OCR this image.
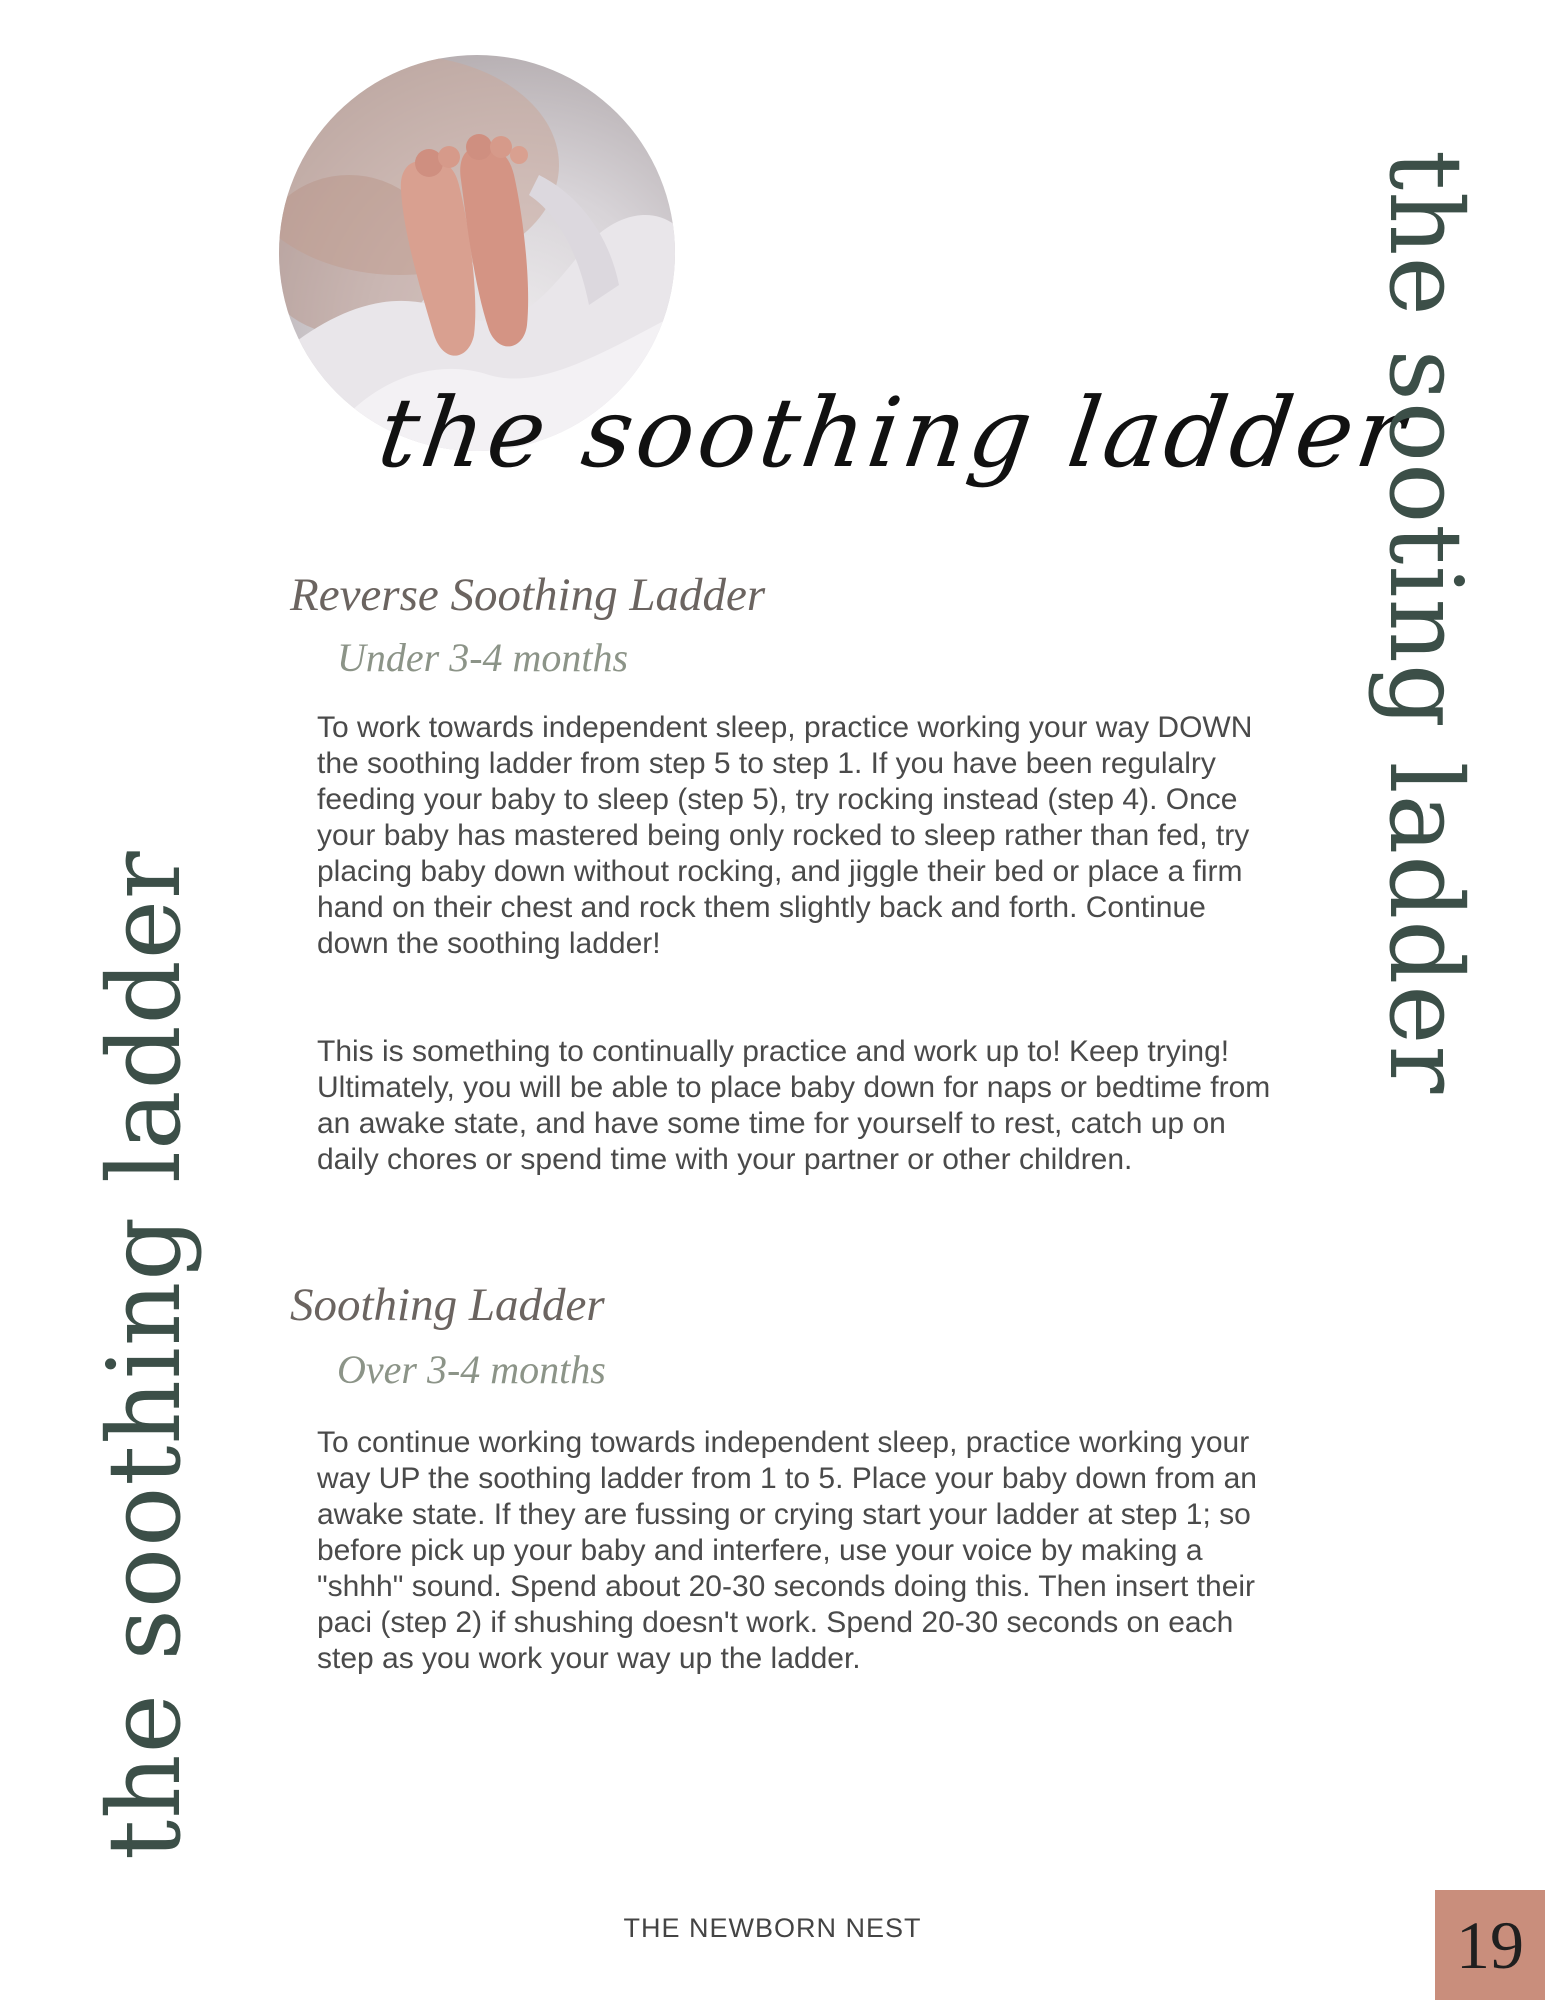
the soothing ladder
the soothing ladder
the sooting ladder
Reverse Soothing Ladder
Under 3-4 months

To work towards independent sleep, practice working your way DOWN the soothing ladder from step 5 to step 1. If you have been regulalry feeding your baby to sleep (step 5), try rocking instead (step 4). Once your baby has mastered being only rocked to sleep rather than fed, try placing baby down without rocking, and jiggle their bed or place a firm hand on their chest and rock them slightly back and forth. Continue down the soothing ladder!

This is something to continually practice and work up to! Keep trying! Ultimately, you will be able to place baby down for naps or bedtime from an awake state, and have some time for yourself to rest, catch up on daily chores or spend time with your partner or other children.

Soothing Ladder
Over 3-4 months

To continue working towards independent sleep, practice working your way UP the soothing ladder from 1 to 5. Place your baby down from an awake state. If they are fussing or crying start your ladder at step 1; so before pick up your baby and interfere, use your voice by making a "shhh" sound. Spend about 20-30 seconds doing this. Then insert their paci (step 2) if shushing doesn't work. Spend 20-30 seconds on each step as you work your way up the ladder.

THE NEWBORN NEST	19
